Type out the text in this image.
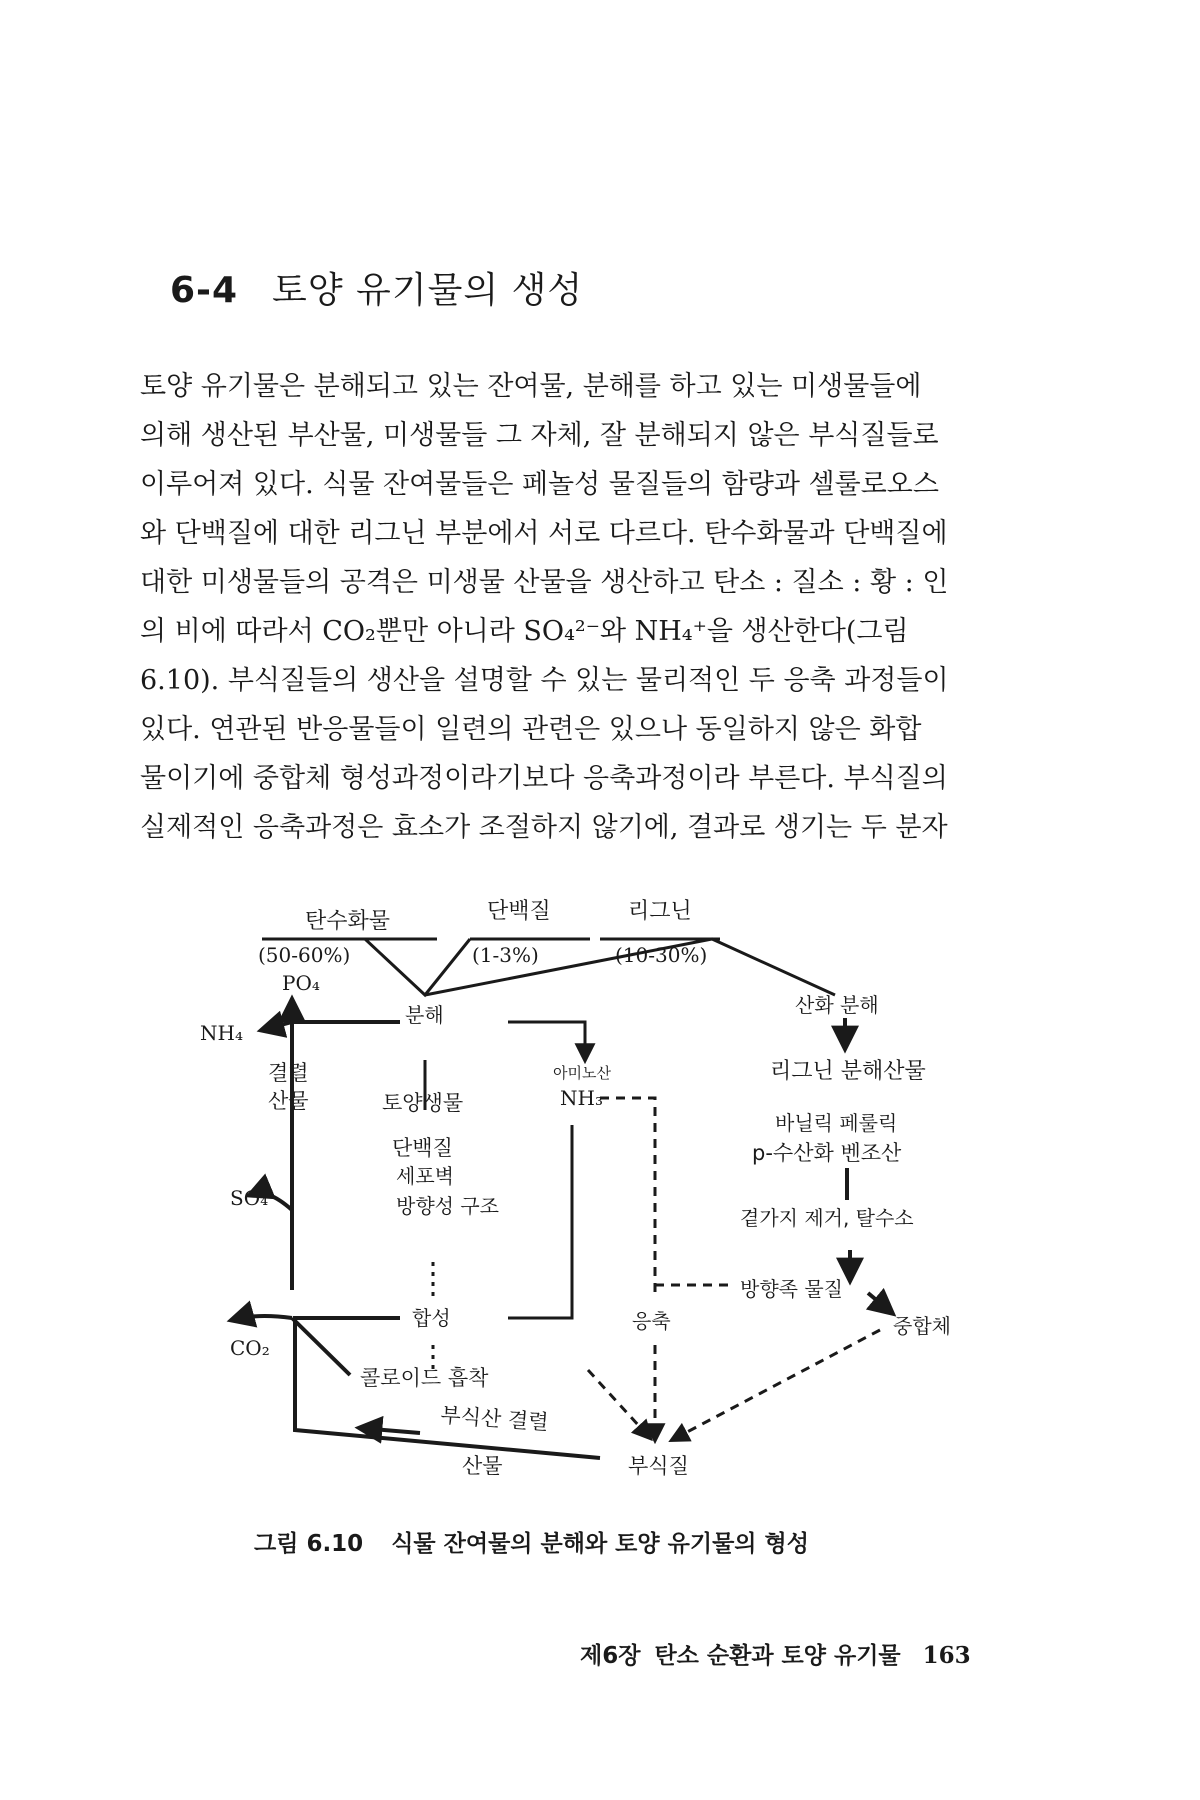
6-4 토양 유기물의 생성

토양 유기물은 분해되고 있는 잔여물, 분해를 하고 있는 미생물들에
의해 생산된 부산물, 미생물들 그 자체, 잘 분해되지 않은 부식질들로
이루어져 있다. 식물 잔여물들은 페놀성 물질들의 함량과 셀룰로오스
와 단백질에 대한 리그닌 부분에서 서로 다르다. 탄수화물과 단백질에
대한 미생물들의 공격은 미생물 산물을 생산하고 탄소 : 질소 : 황 : 인
의 비에 따라서 CO₂뿐만 아니라 SO₄²⁻와 NH₄⁺을 생산한다(그림
6.10). 부식질들의 생산을 설명할 수 있는 물리적인 두 응축 과정들이
있다. 연관된 반응물들이 일련의 관련은 있으나 동일하지 않은 화합
물이기에 중합체 형성과정이라기보다 응축과정이라 부른다. 부식질의
실제적인 응축과정은 효소가 조절하지 않기에, 결과로 생기는 두 분자

탄수화물
(50-60%)
단백질
(1-3%)
리그닌
(10-30%)
PO₄
NH₄
분해
결렬
산물
SO₄
CO₂
토양생물
단백질
세포벽
방향성 구조
합성
콜로이드 흡착
아미노산
NH₃
응축
산화 분해
리그닌 분해산물
바닐릭 페룰릭
p-수산화 벤조산
곁가지 제거, 탈수소
방향족 물질
중합체
부식산 결렬
산물	부식질

그림 6.10 식물 잔여물의 분해와 토양 유기물의 형성

제6장 탄소 순환과 토양 유기물 163
